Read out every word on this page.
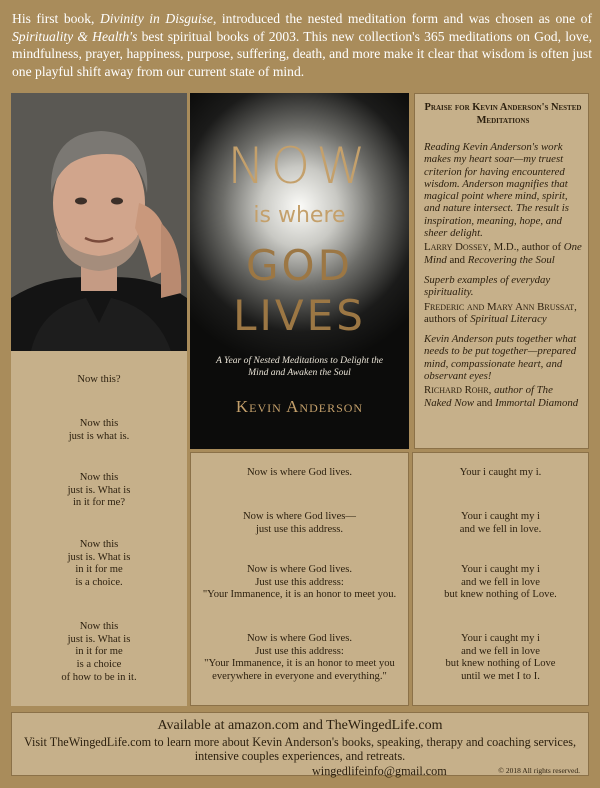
His first book, Divinity in Disguise, introduced the nested meditation form and was chosen as one of Spirituality & Health's best spiritual books of 2003. This new collection's 365 meditations on God, love, mindfulness, prayer, happiness, purpose, suffering, death, and more make it clear that wisdom is often just one playful shift away from our current state of mind.
NOW
is where
GOD
LIVES
A Year of Nested Meditations to Delight the Mind and Awaken the Soul
Kevin Anderson
Praise for Kevin Anderson's Nested Meditations

Reading Kevin Anderson's work makes my heart soar—my truest criterion for having encountered wisdom. Anderson magnifies that magical point where mind, spirit, and nature intersect. The result is inspiration, meaning, hope, and sheer delight.

Larry Dossey, M.D., author of One Mind and Recovering the Soul

Superb examples of everyday spirituality.

Frederic and Mary Ann Brussat, authors of Spiritual Literacy

Kevin Anderson puts together what needs to be put together—prepared mind, compassionate heart, and observant eyes!

Richard Rohr, author of The Naked Now and Immortal Diamond

Now this?
Now this
just is what is.
Now this
just is. What is
in it for me?
Now this
just is. What is
in it for me
is a choice.
Now this
just is. What is
in it for me
is a choice
of how to be in it.
Now is where God lives.
Now is where God lives—
just use this address.
Now is where God lives.
Just use this address:
"Your Immanence, it is an honor to meet you.
Now is where God lives.
Just use this address:
"Your Immanence, it is an honor to meet you
everywhere in everyone and everything."
Your i caught my i.
Your i caught my i
and we fell in love.
Your i caught my i
and we fell in love
but knew nothing of Love.
Your i caught my i
and we fell in love
but knew nothing of Love
until we met I to I.
Available at amazon.com and TheWingedLife.com
Visit TheWingedLife.com to learn more about Kevin Anderson's books, speaking, therapy and coaching services, intensive couples experiences, and retreats.
wingedlifeinfo@gmail.com	© 2018 All rights reserved.
